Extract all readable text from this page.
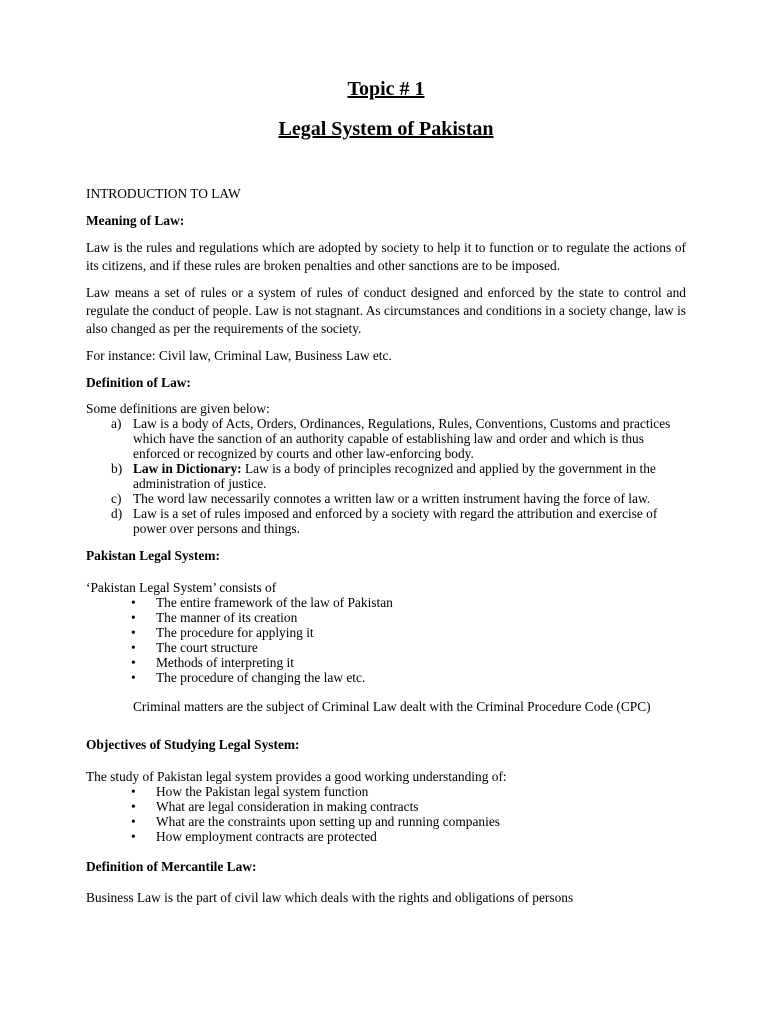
Topic # 1
Legal System of Pakistan
INTRODUCTION TO LAW
Meaning of Law:

Law is the rules and regulations which are adopted by society to help it to function or to regulate the actions of its citizens, and if these rules are broken penalties and other sanctions are to be imposed.

Law means a set of rules or a system of rules of conduct designed and enforced by the state to control and regulate the conduct of people. Law is not stagnant. As circumstances and conditions in a society change, law is also changed as per the requirements of the society.

For instance: Civil law, Criminal Law, Business Law etc.

Definition of Law:

Some definitions are given below:

a) Law is a body of Acts, Orders, Ordinances, Regulations, Rules, Conventions, Customs and practices which have the sanction of an authority capable of establishing law and order and which is thus enforced or recognized by courts and other law-enforcing body.
b) Law in Dictionary: Law is a body of principles recognized and applied by the government in the administration of justice.
c) The word law necessarily connotes a written law or a written instrument having the force of law.
d) Law is a set of rules imposed and enforced by a society with regard the attribution and exercise of power over persons and things.
Pakistan Legal System:

‘Pakistan Legal System’ consists of

• The entire framework of the law of Pakistan
• The manner of its creation
• The procedure for applying it
• The court structure
• Methods of interpreting it
• The procedure of changing the law etc.

Criminal matters are the subject of Criminal Law dealt with the Criminal Procedure Code (CPC)

Objectives of Studying Legal System:

The study of Pakistan legal system provides a good working understanding of:

• How the Pakistan legal system function
• What are legal consideration in making contracts
• What are the constraints upon setting up and running companies
• How employment contracts are protected
Definition of Mercantile Law:

Business Law is the part of civil law which deals with the rights and obligations of persons
